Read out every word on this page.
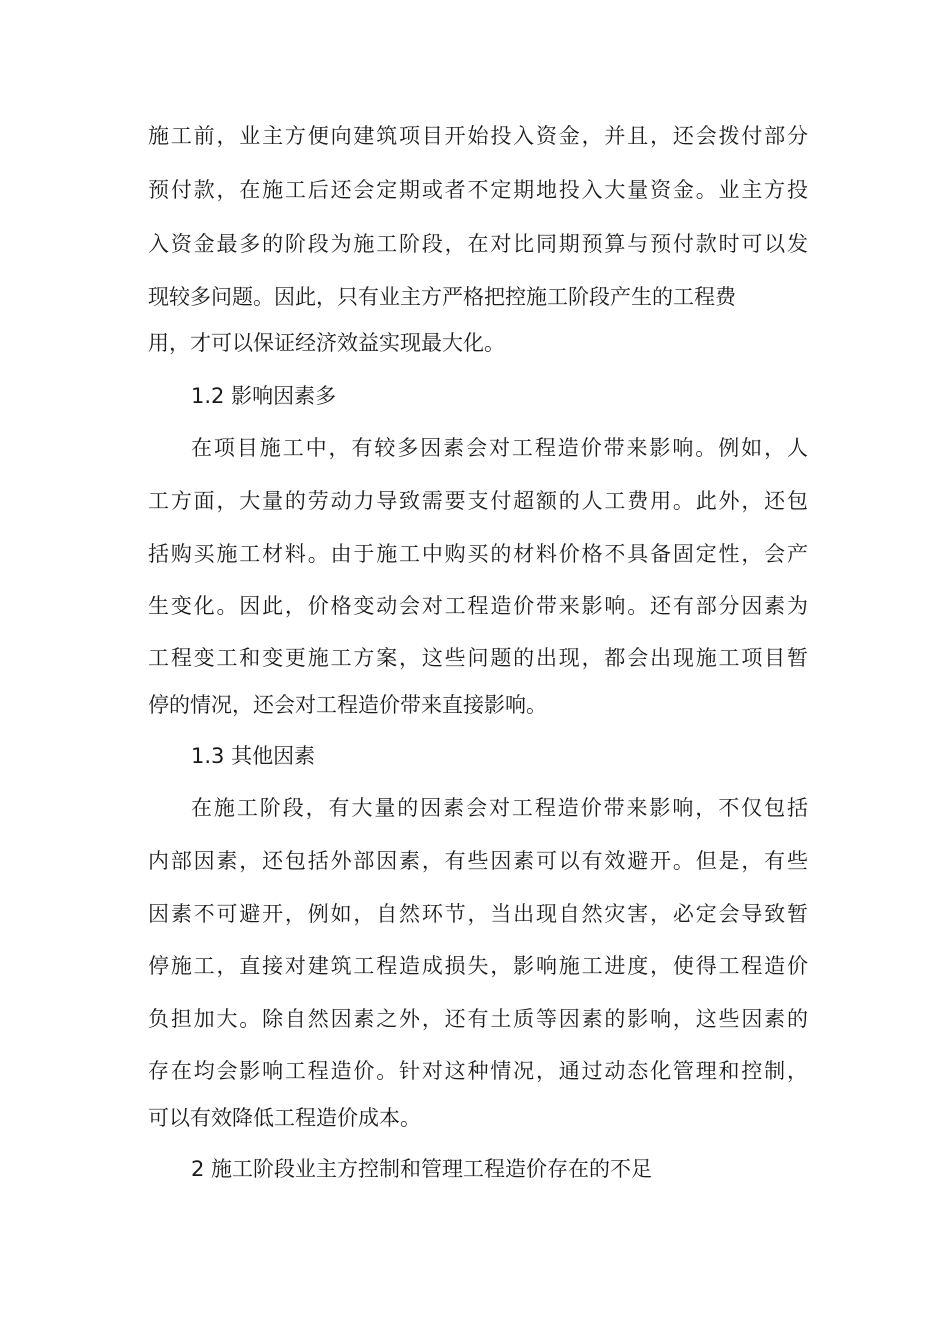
施工前，业主方便向建筑项目开始投入资金，并且，还会拨付部分
预付款，在施工后还会定期或者不定期地投入大量资金。业主方投
入资金最多的阶段为施工阶段，在对比同期预算与预付款时可以发
现较多问题。因此，只有业主方严格把控施工阶段产生的工程费
用，才可以保证经济效益实现最大化。
1.2 影响因素多
在项目施工中，有较多因素会对工程造价带来影响。例如，人
工方面，大量的劳动力导致需要支付超额的人工费用。此外，还包
括购买施工材料。由于施工中购买的材料价格不具备固定性，会产
生变化。因此，价格变动会对工程造价带来影响。还有部分因素为
工程变工和变更施工方案，这些问题的出现，都会出现施工项目暂
停的情况，还会对工程造价带来直接影响。
1.3 其他因素
在施工阶段，有大量的因素会对工程造价带来影响，不仅包括
内部因素，还包括外部因素，有些因素可以有效避开。但是，有些
因素不可避开，例如，自然环节，当出现自然灾害，必定会导致暂
停施工，直接对建筑工程造成损失，影响施工进度，使得工程造价
负担加大。除自然因素之外，还有土质等因素的影响，这些因素的
存在均会影响工程造价。针对这种情况，通过动态化管理和控制，
可以有效降低工程造价成本。
2 施工阶段业主方控制和管理工程造价存在的不足
